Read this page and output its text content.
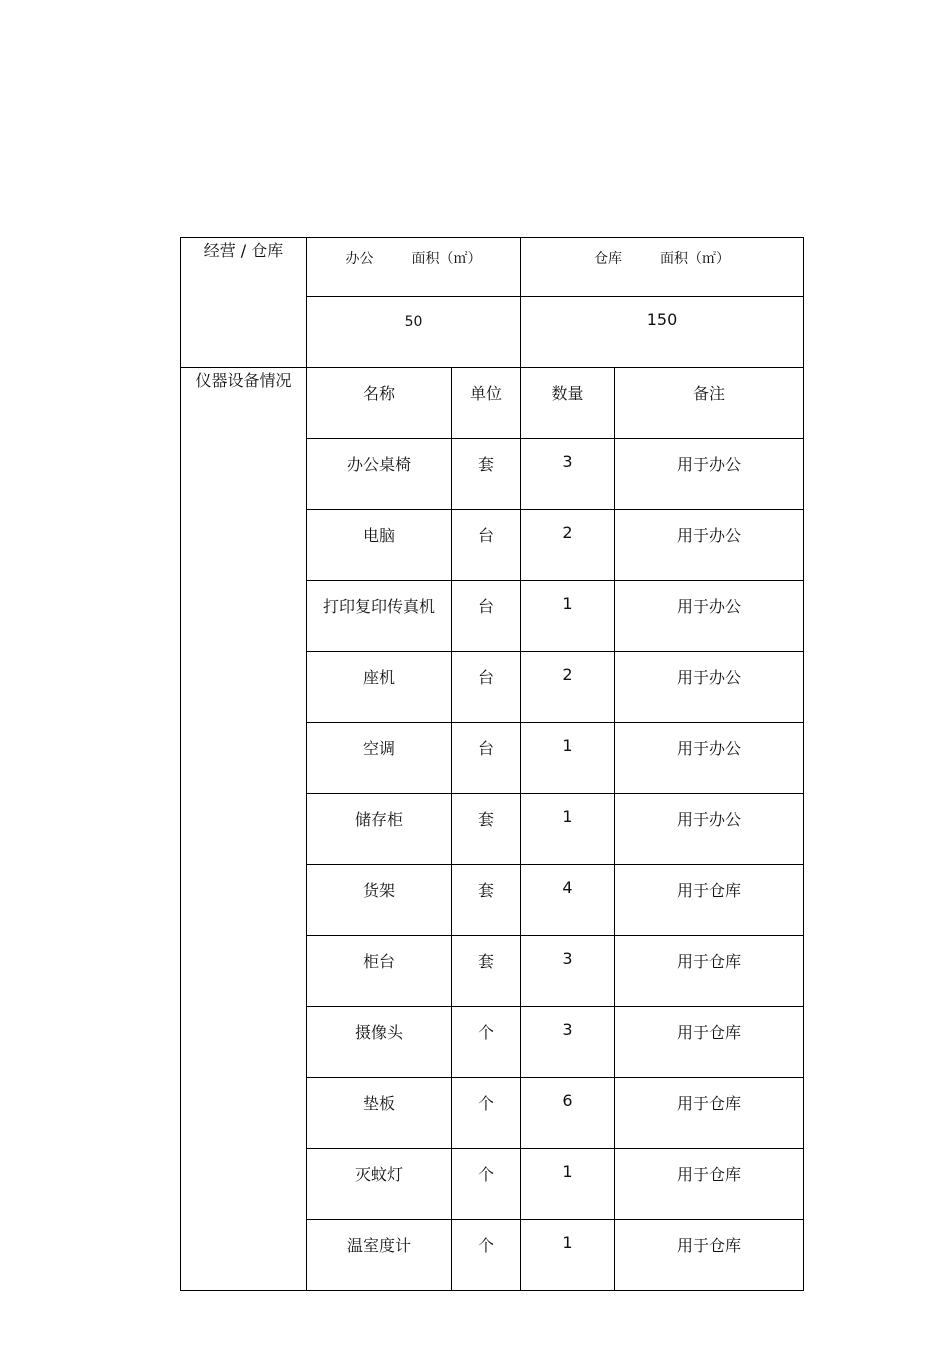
经营 / 仓库	办公 面积（㎡）		仓库 面积（㎡）	

	50		150	

仪器设备情况	名称	单位	数量	备注

	办公桌椅	套	3	用于办公

	电脑	台	2	用于办公

	打印复印传真机	台	1	用于办公

	座机	台	2	用于办公

	空调	台	1	用于办公

	储存柜	套	1	用于办公

	货架	套	4	用于仓库

	柜台	套	3	用于仓库

	摄像头	个	3	用于仓库

	垫板	个	6	用于仓库

	灭蚊灯	个	1	用于仓库

	温室度计	个	1	用于仓库
